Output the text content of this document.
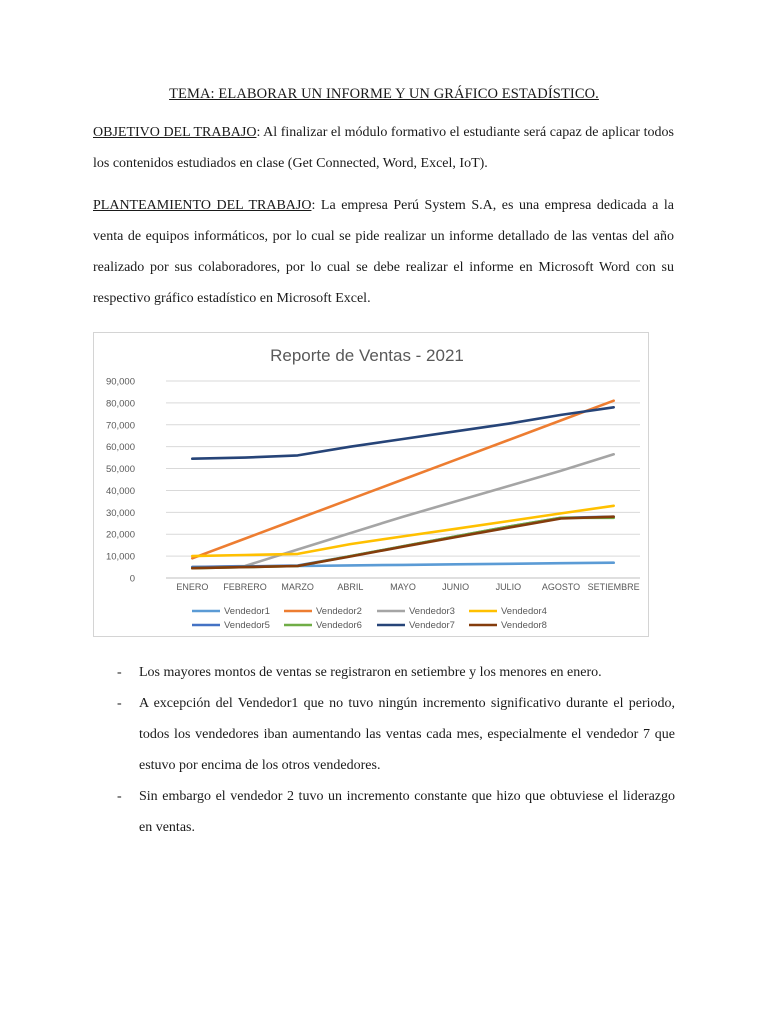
TEMA: ELABORAR UN INFORME Y UN GRÁFICO ESTADÍSTICO.
OBJETIVO DEL TRABAJO: Al finalizar el módulo formativo el estudiante será capaz de aplicar todos los contenidos estudiados en clase (Get Connected, Word, Excel, IoT).
PLANTEAMIENTO DEL TRABAJO: La empresa Perú System S.A, es una empresa dedicada a la venta de equipos informáticos, por lo cual se pide realizar un informe detallado de las ventas del año realizado por sus colaboradores, por lo cual se debe realizar el informe en Microsoft Word con su respectivo gráfico estadístico en Microsoft Excel.
Reporte de Ventas - 2021
0
10,000
20,000
30,000
40,000
50,000
60,000
70,000
80,000
90,000
ENERO FEBRERO MARZO	ABRIL	MAYO	JUNIO	JULIO AGOSTO SETIEMBRE
Vendedor1	Vendedor2	Vendedor3	Vendedor4
Vendedor5	Vendedor6	Vendedor7	Vendedor8
- Los mayores montos de ventas se registraron en setiembre y los menores en enero.
- A excepción del Vendedor1 que no tuvo ningún incremento significativo durante el periodo, todos los vendedores iban aumentando las ventas cada mes, especialmente el vendedor 7 que estuvo por encima de los otros vendedores.
- Sin embargo el vendedor 2 tuvo un incremento constante que hizo que obtuviese el liderazgo en ventas.
